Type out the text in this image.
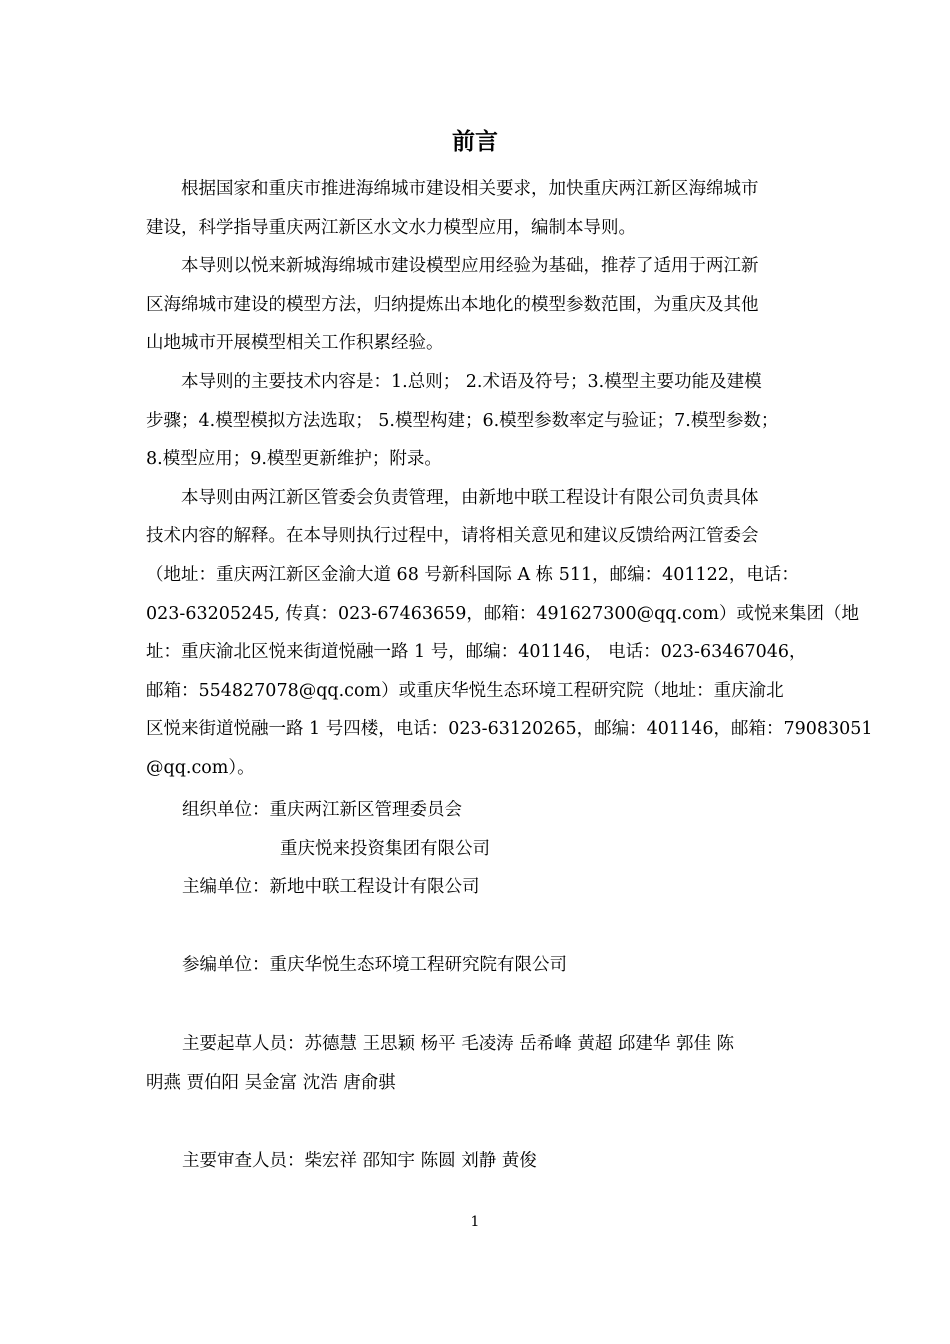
前言
根据国家和重庆市推进海绵城市建设相关要求，加快重庆两江新区海绵城市
建设，科学指导重庆两江新区水文水力模型应用，编制本导则。
本导则以悦来新城海绵城市建设模型应用经验为基础，推荐了适用于两江新
区海绵城市建设的模型方法，归纳提炼出本地化的模型参数范围，为重庆及其他
山地城市开展模型相关工作积累经验。
本导则的主要技术内容是：1.总则； 2.术语及符号；3.模型主要功能及建模
步骤；4.模型模拟方法选取； 5.模型构建；6.模型参数率定与验证；7.模型参数；
8.模型应用；9.模型更新维护；附录。
本导则由两江新区管委会负责管理，由新地中联工程设计有限公司负责具体
技术内容的解释。在本导则执行过程中，请将相关意见和建议反馈给两江管委会
（地址：重庆两江新区金渝大道 68 号新科国际 A 栋 511，邮编：401122，电话：
023-63205245, 传真：023-67463659，邮箱：491627300@qq.com）或悦来集团（地
址：重庆渝北区悦来街道悦融一路 1 号，邮编：401146， 电话：023-63467046，
邮箱：554827078@qq.com）或重庆华悦生态环境工程研究院（地址：重庆渝北
区悦来街道悦融一路 1 号四楼，电话：023-63120265，邮编：401146，邮箱：79083051
@qq.com）。
组织单位：重庆两江新区管理委员会
重庆悦来投资集团有限公司
主编单位：新地中联工程设计有限公司
参编单位：重庆华悦生态环境工程研究院有限公司
主要起草人员：苏德慧 王思颖 杨平 毛凌涛 岳希峰 黄超 邱建华 郭佳 陈
明燕 贾伯阳 吴金富 沈浩 唐俞骐
主要审查人员：柴宏祥 邵知宇 陈圆 刘静 黄俊
1
